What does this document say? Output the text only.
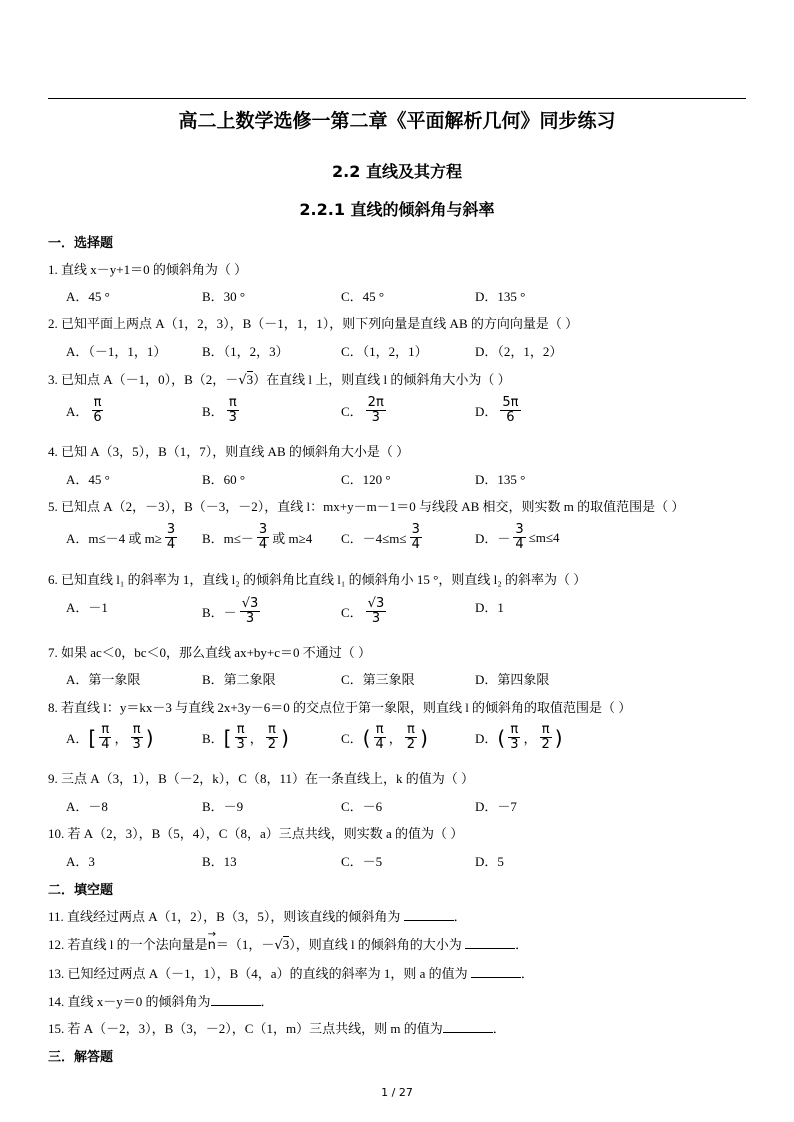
高二上数学选修一第二章《平面解析几何》同步练习
2.2 直线及其方程
2.2.1 直线的倾斜角与斜率
一．选择题
1. 直线 x－y+1＝0 的倾斜角为（ ）
A．45 °	B．30 °	C．45 °	D．135 °
2. 已知平面上两点 A（1，2，3），B（－1，1，1），则下列向量是直线 AB 的方向向量是（ ）
A．（－1，1，1）	B．（1，2，3）	C．（1，2，1）	D．（2，1，2）
3. 已知点 A（－1，0），B（2，－√3）在直线 l 上，则直线 l 的倾斜角大小为（ ）
A． $\frac{\pi}{6}$	B． $\frac{\pi}{3}$	C． $\frac{2\pi}{3}$	D． $\frac{5\pi}{6}$
4. 已知 A（3，5），B（1，7），则直线 AB 的倾斜角大小是（ ）
A．45 °	B．60 °	C．120 °	D．135 °
5. 已知点 A（2，－3），B（－3，－2），直线 l：mx+y－m－1＝0 与线段 AB 相交，则实数 m 的取值范围是（ ）
A．m≤－4 或 $m\ge \frac{3}{4}$ B．$m\le- \frac{3}{4}$ 或 m≥4 C．$-4\le m\le \frac{3}{4}$	D．－ $\frac{3}{4} \le m\le 4$
6. 已知直线 l₁ 的斜率为 1，直线 l₂ 的倾斜角比直线 l₁ 的倾斜角小 15 °，则直线 l₂ 的斜率为（ ）
A．－1	B． － $\frac{√3}{3}$	C． $\frac{√3}{3}$	D．1
7. 如果 ac＜0，bc＜0，那么直线 ax+by+c＝0 不通过（ ）
A．第一象限	B．第二象限	C．第三象限	D．第四象限
8. 若直线 l：y＝kx－3 与直线 2x+3y－6＝0 的交点位于第一象限，则直线 l 的倾斜角的取值范围是（ ）
A． [ $\frac{\pi}{4}$ ， $\frac{\pi}{3}$ )	B． [ $\frac{\pi}{3}$ ， $\frac{\pi}{2}$ )	C． ( $\frac{\pi}{4}$ ， $\frac{\pi}{2}$ )	D． ( $\frac{\pi}{3}$ ， $\frac{\pi}{2}$ )
9. 三点 A（3，1），B（－2，k），C（8，11）在一条直线上，k 的值为（ ）
A．－8	B．－9	C．－6	D．－7
10. 若 A（2，3），B（5，4），C（8，a）三点共线，则实数 a 的值为（ ）
A．3	B．13	C．－5	D．5
二．填空题
11. 直线经过两点 A（1，2），B（3，5），则该直线的倾斜角为	．
12. 若直线 l 的一个法向量是
→
n＝（1，－√3），则直线 l 的倾斜角的大小为	．
13. 已知经过两点 A（－1，1），B（4，a）的直线的斜率为 1，则 a 的值为	．
14. 直线 x－y＝0 的倾斜角为	．
15. 若 A（－2，3），B（3，－2），C（1，m）三点共线，则 m 的值为	．
三．解答题
1 / 27
